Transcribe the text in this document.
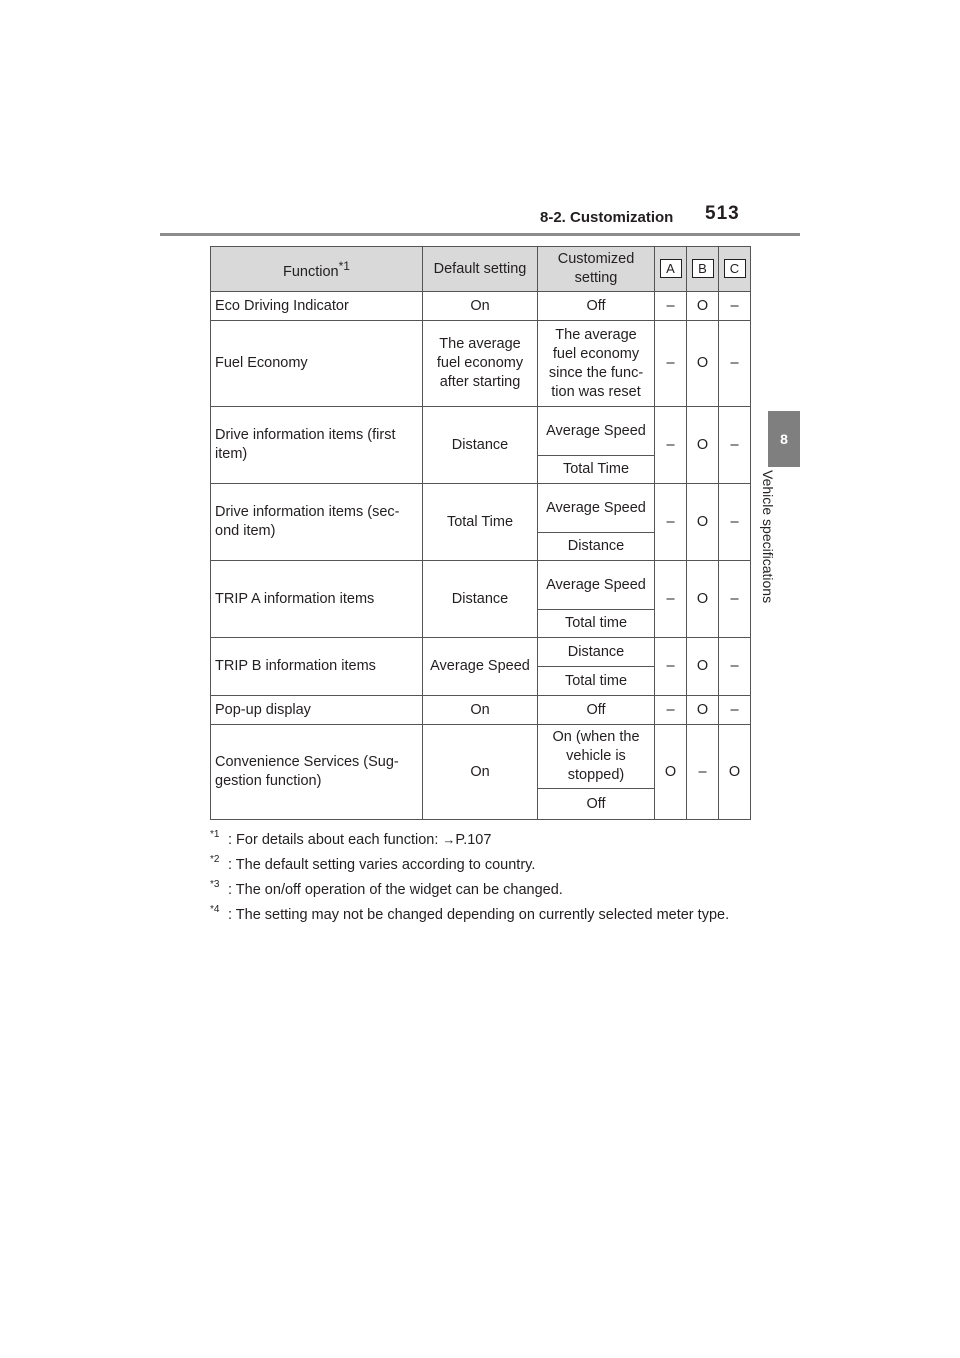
8-2. Customization 513
8
Vehicle specifications
Function$^{*1}$	Default setting	Customized setting	A	B	C
Eco Driving Indicator	On	Off	–	O	–
Fuel Economy	The average fuel economy after starting	The average fuel economy since the func-tion was reset	–	O	–
Drive information items (first item)	Distance	Average Speed	–	O	–
		Total Time			
Drive information items (sec-ond item)	Total Time	Average Speed	–	O	–
		Distance			
TRIP A information items	Distance	Average Speed	–	O	–
		Total time			
TRIP B information items	Average Speed	Distance	–	O	–
		Total time			
Pop-up display	On	Off	–	O	–
Convenience Services (Sug-gestion function)	On	On (when the vehicle is stopped)	O	–	O
		Off			
*1 : For details about each function: →P.107
*2 : The default setting varies according to country.
*3 : The on/off operation of the widget can be changed.
*4 : The setting may not be changed depending on currently selected meter type.
